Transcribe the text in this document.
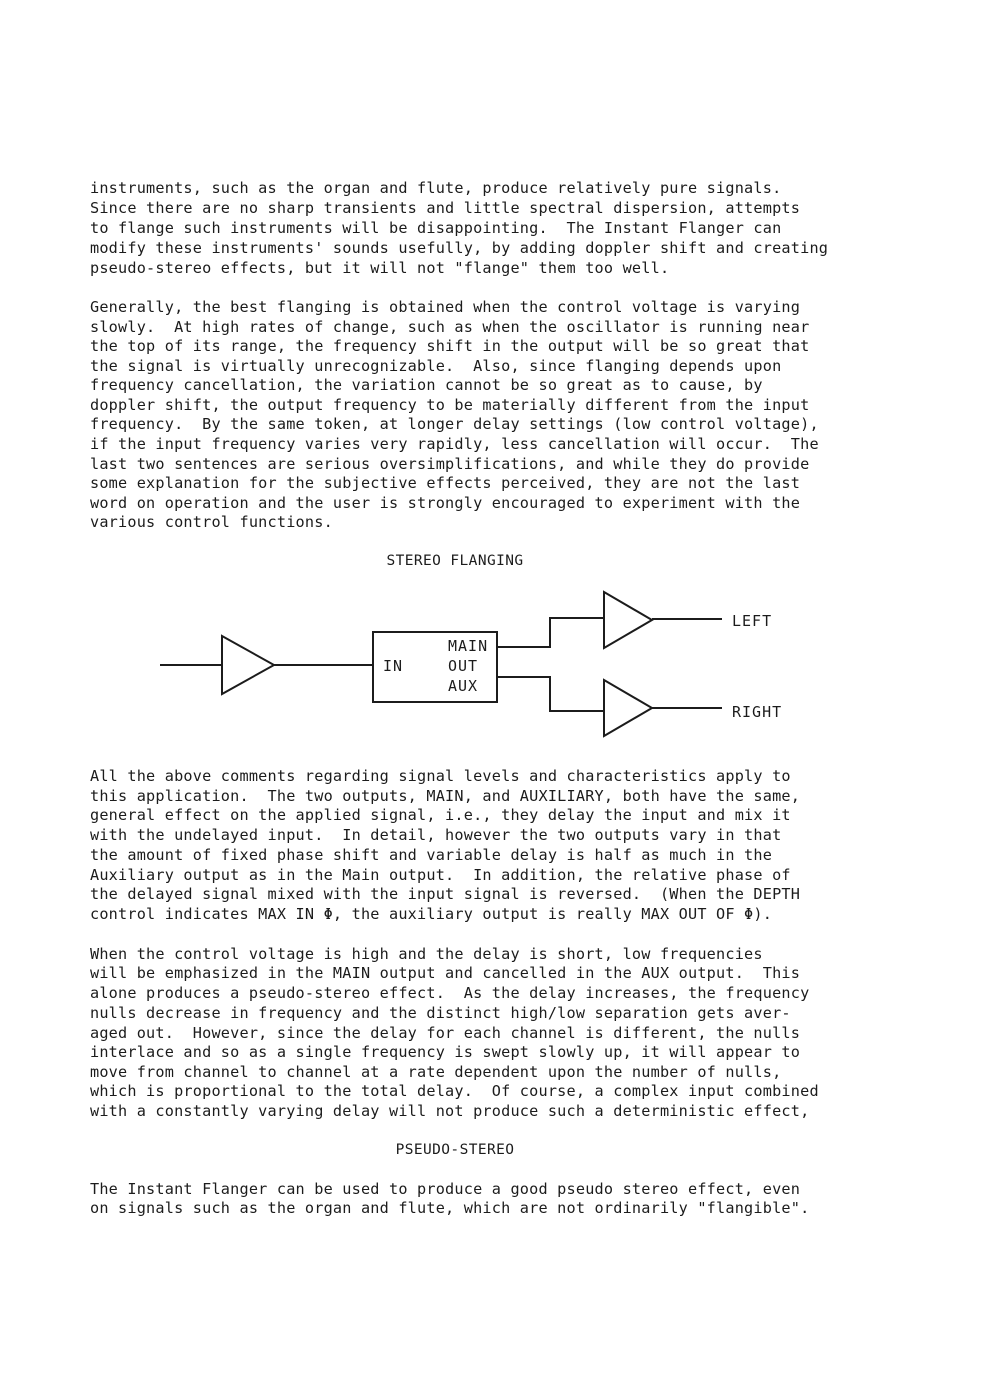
instruments, such as the organ and flute, produce relatively pure signals.
Since there are no sharp transients and little spectral dispersion, attempts
to flange such instruments will be disappointing.  The Instant Flanger can
modify these instruments' sounds usefully, by adding doppler shift and creating
pseudo-stereo effects, but it will not "flange" them too well.
Generally, the best flanging is obtained when the control voltage is varying
slowly.  At high rates of change, such as when the oscillator is running near
the top of its range, the frequency shift in the output will be so great that
the signal is virtually unrecognizable.  Also, since flanging depends upon
frequency cancellation, the variation cannot be so great as to cause, by
doppler shift, the output frequency to be materially different from the input
frequency.  By the same token, at longer delay settings (low control voltage),
if the input frequency varies very rapidly, less cancellation will occur.  The
last two sentences are serious oversimplifications, and while they do provide
some explanation for the subjective effects perceived, they are not the last
word on operation and the user is strongly encouraged to experiment with the
various control functions.
STEREO FLANGING
IN
MAIN
OUT
AUX
LEFT
RIGHT
All the above comments regarding signal levels and characteristics apply to
this application.  The two outputs, MAIN, and AUXILIARY, both have the same,
general effect on the applied signal, i.e., they delay the input and mix it
with the undelayed input.  In detail, however the two outputs vary in that
the amount of fixed phase shift and variable delay is half as much in the
Auxiliary output as in the Main output.  In addition, the relative phase of
the delayed signal mixed with the input signal is reversed.  (When the DEPTH
control indicates MAX IN Φ, the auxiliary output is really MAX OUT OF Φ).
When the control voltage is high and the delay is short, low frequencies
will be emphasized in the MAIN output and cancelled in the AUX output.  This
alone produces a pseudo-stereo effect.  As the delay increases, the frequency
nulls decrease in frequency and the distinct high/low separation gets aver-
aged out.  However, since the delay for each channel is different, the nulls
interlace and so as a single frequency is swept slowly up, it will appear to
move from channel to channel at a rate dependent upon the number of nulls,
which is proportional to the total delay.  Of course, a complex input combined
with a constantly varying delay will not produce such a deterministic effect,
PSEUDO-STEREO
The Instant Flanger can be used to produce a good pseudo stereo effect, even
on signals such as the organ and flute, which are not ordinarily "flangible".
